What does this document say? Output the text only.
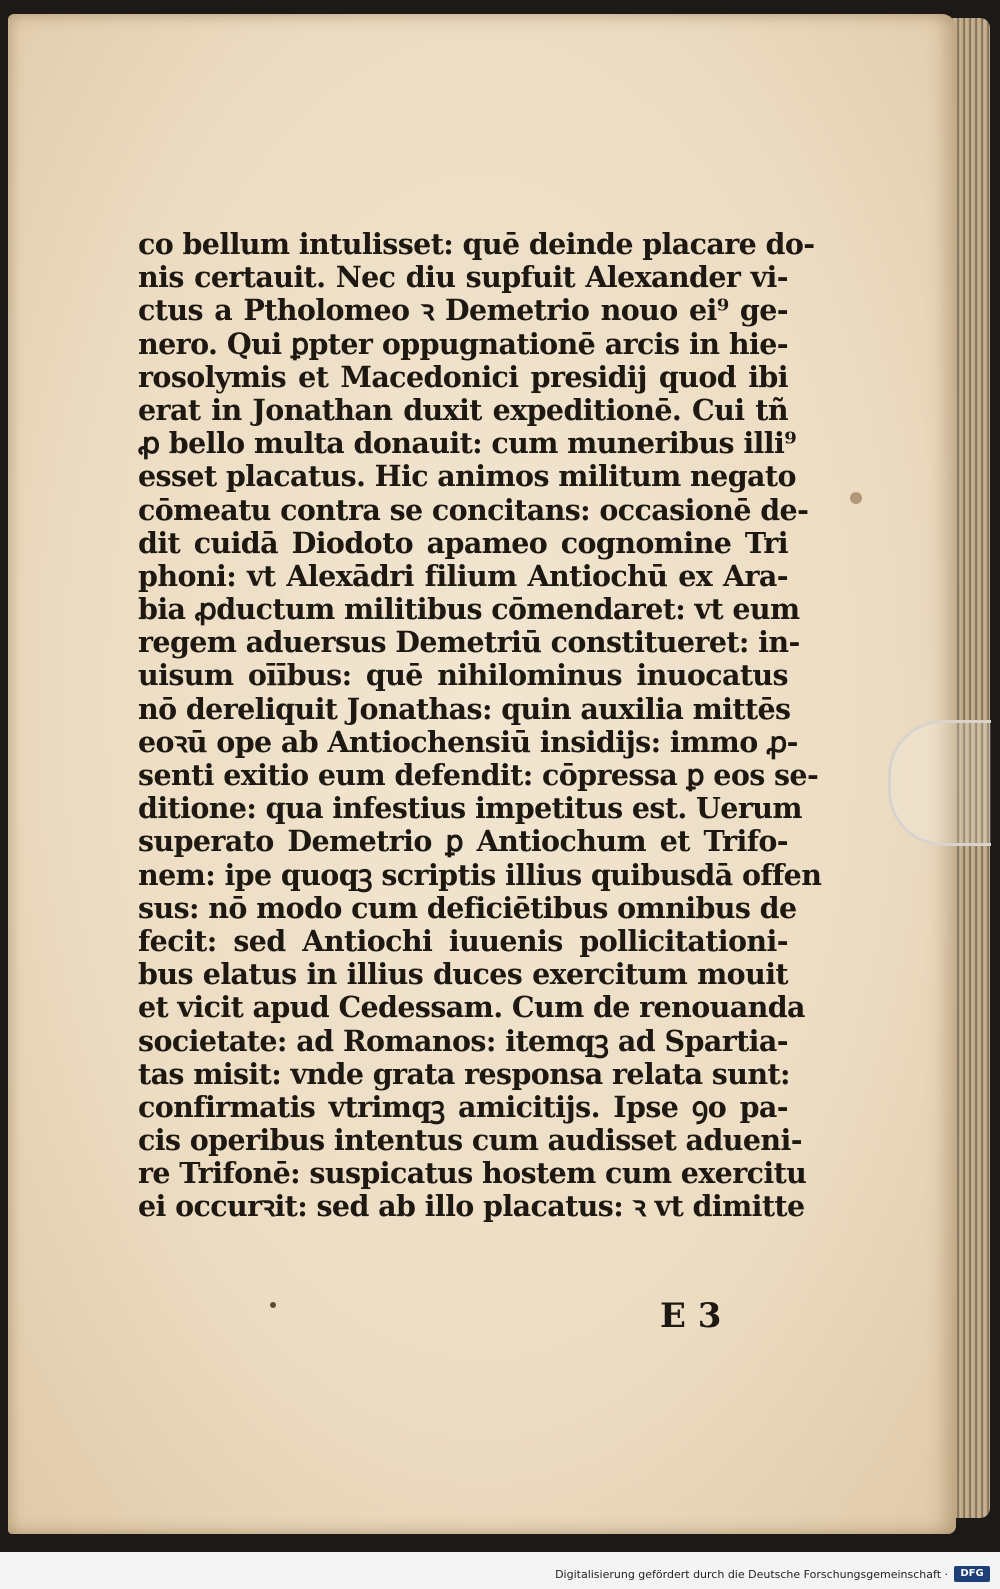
co bellum intulisset: quē deinde placare do-
nis certauit. Nec diu supfuit Alexander vi-
ctus a Ptholomeo ꝛ Demetrio nouo ei⁹ ge-
nero. Qui ꝑpter oppugnationē arcis in hie-
rosolymis et Macedonici presidij quod ibi
erat in Jonathan duxit expeditionē. Cui tñ
ꝓ bello multa donauit: cum muneribus illi⁹
esset placatus. Hic animos militum negato
cōmeatu contra se concitans: occasionē de-
dit cuidā Diodoto apameo cognomine Tri
phoni: vt Alexādri filium Antiochū ex Ara-
bia ꝓductum militibus cōmendaret: vt eum
regem aduersus Demetriū constitueret: in-
uisum oīībus: quē nihilominus inuocatus
nō dereliquit Jonathas: quin auxilia mittēs
eoꝛū ope ab Antiochensiū insidijs: immo ꝓ-
senti exitio eum defendit: cōpressa ꝑ eos se-
ditione: qua infestius impetitus est. Uerum
superato Demetrio ꝑ Antiochum et Trifo-
nem: ipe quoqꝫ scriptis illius quibusdā offen
sus: nō modo cum deficiētibus omnibus de
fecit: sed Antiochi iuuenis pollicitationi-
bus elatus in illius duces exercitum mouit
et vicit apud Cedessam. Cum de renouanda
societate: ad Romanos: itemqꝫ ad Spartia-
tas misit: vnde grata responsa relata sunt:
confirmatis vtrimqꝫ amicitijs. Ipse ꝯo pa-
cis operibus intentus cum audisset adueni-
re Trifonē: suspicatus hostem cum exercitu
ei occurꝛit: sed ab illo placatus: ꝛ vt dimitte
E 3
Digitalisierung gefördert durch die Deutsche Forschungsgemeinschaft ·	DFG
